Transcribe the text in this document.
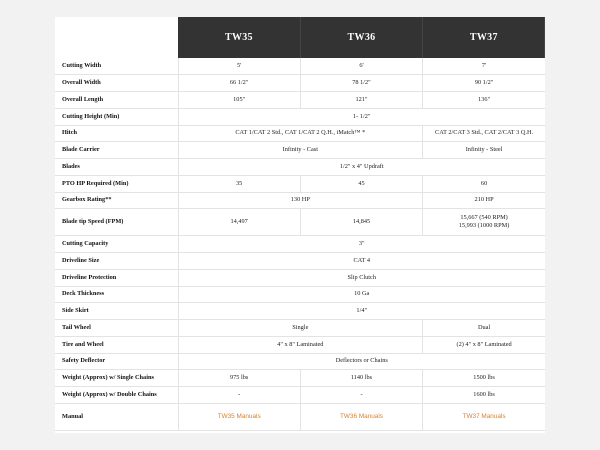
	TW35	TW36	TW37
Cutting Width	5'	6'	7'
Overall Width	66 1/2"	78 1/2"	90 1/2"
Overall Length	105"	121"	136"
Cutting Height (Min)	1- 1/2"		
Hitch	CAT 1/CAT 2 Std., CAT 1/CAT 2 Q.H., iMatch™ *		CAT 2/CAT 3 Std., CAT 2/CAT 3 Q.H.
Blade Carrier	Infinity - Cast		Infinity - Steel
Blades	1/2" x 4" Updraft		
PTO HP Required (Min)	35	45	60
Gearbox Rating**	130 HP		210 HP
Blade tip Speed (FPM)	14,497	14,845	15,667 (540 RPM)
15,993 (1000 RPM)

Cutting Capacity	3"		
Driveline Size	CAT 4		
Driveline Protection	Slip Clutch		
Deck Thickness	10 Ga		
Side Skirt	1/4"		
Tail Wheel	Single		Dual
Tire and Wheel	4" x 8" Laminated		(2) 4" x 8" Laminated
Safety Deflector	Deflectors or Chains		
Weight (Approx) w/ Single Chains	975 lbs	1140 lbs	1500 lbs
Weight (Approx) w/ Double Chains	-	-	1600 lbs
Manual	TW35 Manuals	TW36 Manuals	TW37 Manuals
